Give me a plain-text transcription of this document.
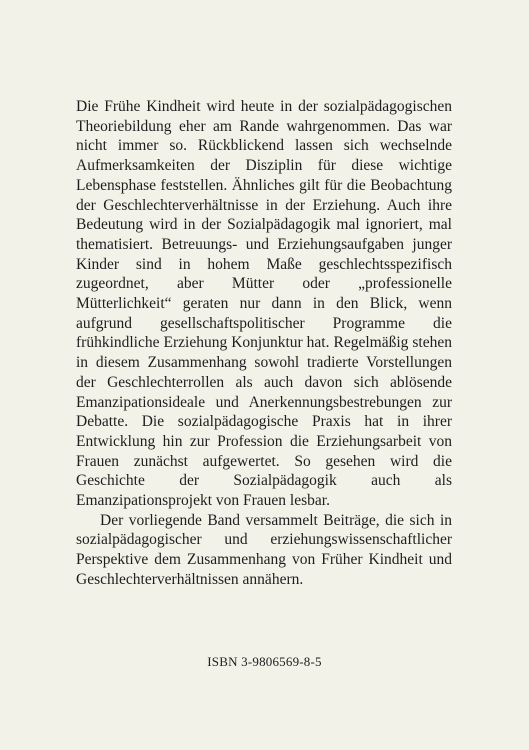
Die Frühe Kindheit wird heute in der sozialpädagogischen Theoriebildung eher am Rande wahrgenommen. Das war nicht immer so. Rückblickend lassen sich wechselnde Aufmerksamkeiten der Disziplin für diese wichtige Lebensphase feststellen. Ähnliches gilt für die Beobachtung der Geschlechterverhältnisse in der Erziehung. Auch ihre Bedeutung wird in der Sozialpädagogik mal ignoriert, mal thematisiert. Betreuungs- und Erziehungsaufgaben junger Kinder sind in hohem Maße geschlechtsspezifisch zugeordnet, aber Mütter oder „professionelle Mütterlichkeit“ geraten nur dann in den Blick, wenn aufgrund gesellschaftspolitischer Programme die frühkindliche Erziehung Konjunktur hat. Regelmäßig stehen in diesem Zusammenhang sowohl tradierte Vorstellungen der Geschlechterrollen als auch davon sich ablösende Emanzipationsideale und Anerkennungsbestrebungen zur Debatte. Die sozialpädagogische Praxis hat in ihrer Entwicklung hin zur Profession die Erziehungsarbeit von Frauen zunächst aufgewertet. So gesehen wird die Geschichte der Sozialpädagogik auch als Emanzipationsprojekt von Frauen lesbar.

Der vorliegende Band versammelt Beiträge, die sich in sozialpädagogischer und erziehungswissenschaftlicher Perspektive dem Zusammenhang von Früher Kindheit und Geschlechterverhältnissen annähern.

ISBN 3-9806569-8-5
